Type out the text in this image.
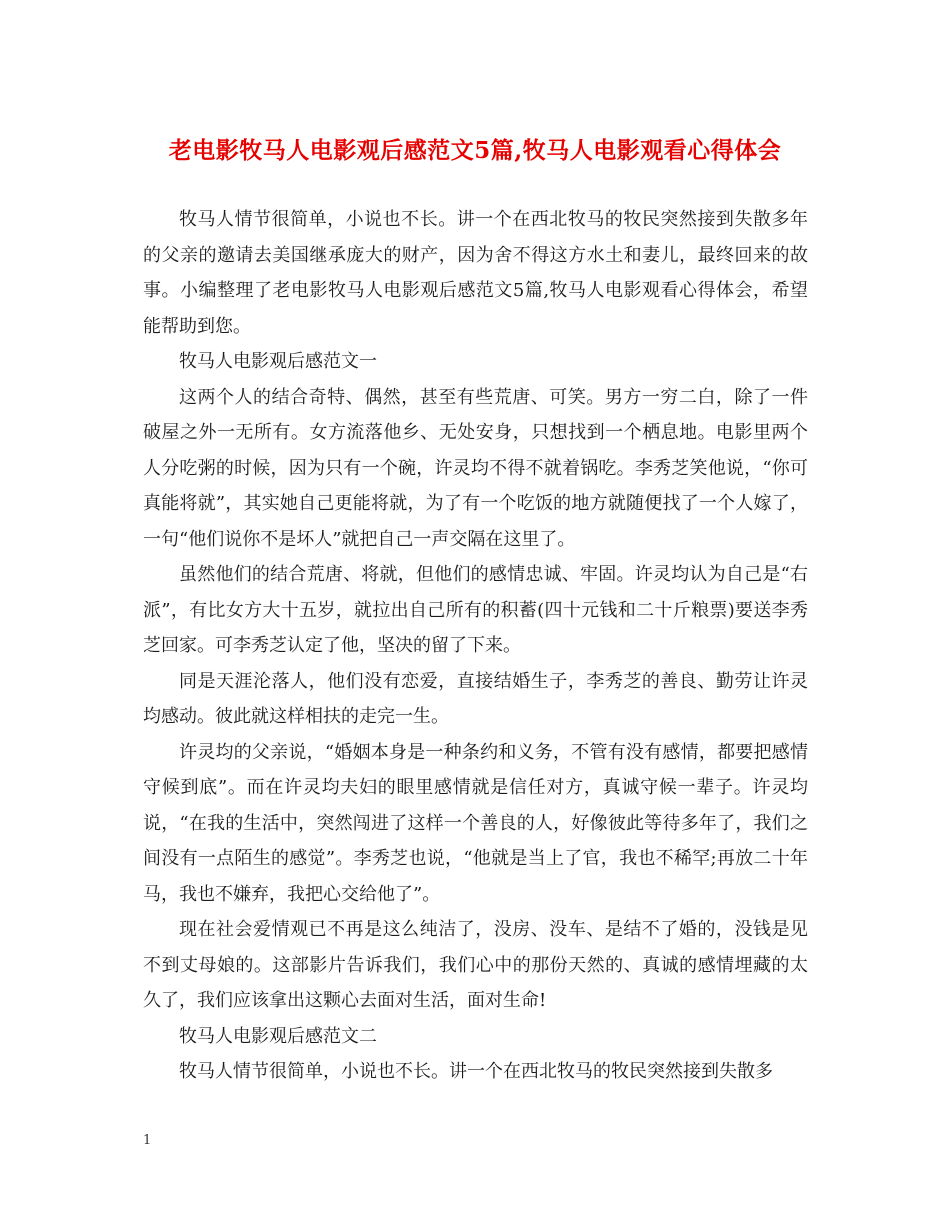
老电影牧马人电影观后感范文5篇,牧马人电影观看心得体会

牧马人情节很简单，小说也不长。讲一个在西北牧马的牧民突然接到失散多年的父亲的邀请去美国继承庞大的财产，因为舍不得这方水土和妻儿，最终回来的故事。小编整理了老电影牧马人电影观后感范文5篇,牧马人电影观看心得体会，希望能帮助到您。

牧马人电影观后感范文一

这两个人的结合奇特、偶然，甚至有些荒唐、可笑。男方一穷二白，除了一件破屋之外一无所有。女方流落他乡、无处安身，只想找到一个栖息地。电影里两个人分吃粥的时候，因为只有一个碗，许灵均不得不就着锅吃。李秀芝笑他说，“你可真能将就”，其实她自己更能将就，为了有一个吃饭的地方就随便找了一个人嫁了，一句“他们说你不是坏人”就把自己一声交隔在这里了。

虽然他们的结合荒唐、将就，但他们的感情忠诚、牢固。许灵均认为自己是“右派”，有比女方大十五岁，就拉出自己所有的积蓄(四十元钱和二十斤粮票)要送李秀芝回家。可李秀芝认定了他，坚决的留了下来。

同是天涯沦落人，他们没有恋爱，直接结婚生子，李秀芝的善良、勤劳让许灵均感动。彼此就这样相扶的走完一生。

许灵均的父亲说，“婚姻本身是一种条约和义务，不管有没有感情，都要把感情守候到底”。而在许灵均夫妇的眼里感情就是信任对方，真诚守候一辈子。许灵均说，“在我的生活中，突然闯进了这样一个善良的人，好像彼此等待多年了，我们之间没有一点陌生的感觉”。李秀芝也说，“他就是当上了官，我也不稀罕;再放二十年马，我也不嫌弃，我把心交给他了”。

现在社会爱情观已不再是这么纯洁了，没房、没车、是结不了婚的，没钱是见不到丈母娘的。这部影片告诉我们，我们心中的那份天然的、真诚的感情埋藏的太久了，我们应该拿出这颗心去面对生活，面对生命!

牧马人电影观后感范文二

牧马人情节很简单，小说也不长。讲一个在西北牧马的牧民突然接到失散多

1
